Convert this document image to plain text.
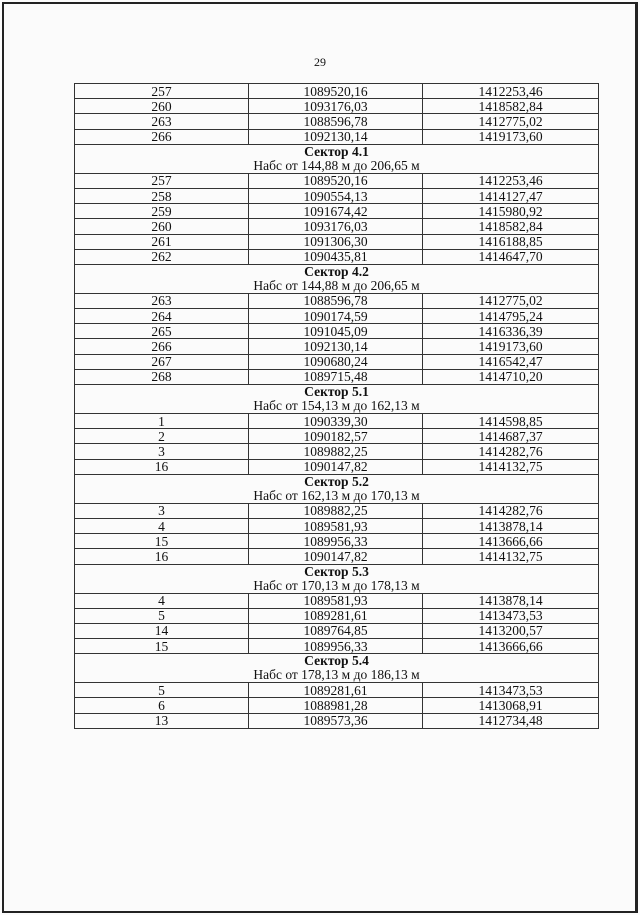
29
257	1089520,16	1412253,46
260	1093176,03	1418582,84
263	1088596,78	1412775,02
266	1092130,14	1419173,60

Сектор 4.1
Набс от 144,88 м до 206,65 м		

257	1089520,16	1412253,46
258	1090554,13	1414127,47
259	1091674,42	1415980,92
260	1093176,03	1418582,84
261	1091306,30	1416188,85
262	1090435,81	1414647,70

Сектор 4.2
Набс от 144,88 м до 206,65 м		

263	1088596,78	1412775,02
264	1090174,59	1414795,24
265	1091045,09	1416336,39
266	1092130,14	1419173,60
267	1090680,24	1416542,47
268	1089715,48	1414710,20

Сектор 5.1
Набс от 154,13 м до 162,13 м		

1	1090339,30	1414598,85
2	1090182,57	1414687,37
3	1089882,25	1414282,76
16	1090147,82	1414132,75

Сектор 5.2
Набс от 162,13 м до 170,13 м		

3	1089882,25	1414282,76
4	1089581,93	1413878,14
15	1089956,33	1413666,66
16	1090147,82	1414132,75

Сектор 5.3
Набс от 170,13 м до 178,13 м		

4	1089581,93	1413878,14
5	1089281,61	1413473,53
14	1089764,85	1413200,57
15	1089956,33	1413666,66

Сектор 5.4
Набс от 178,13 м до 186,13 м		

5	1089281,61	1413473,53
6	1088981,28	1413068,91
13	1089573,36	1412734,48
